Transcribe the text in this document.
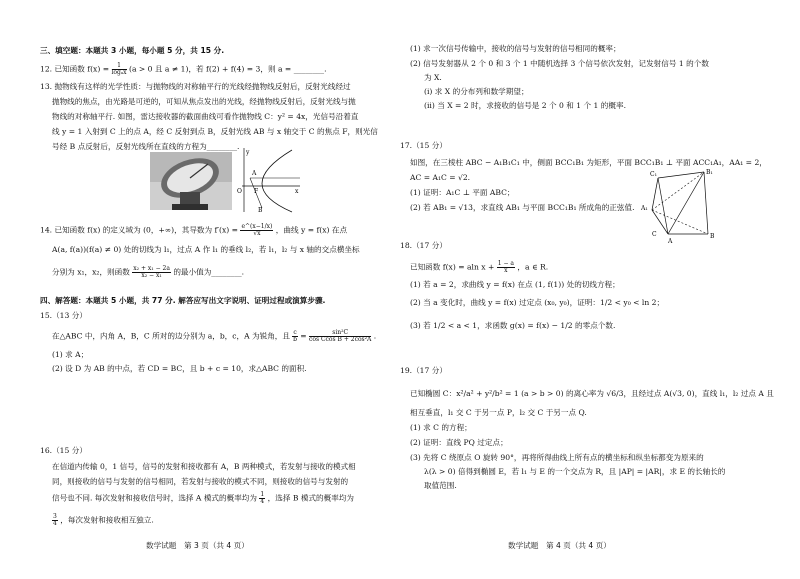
三、填空题：本题共 3 小题，每小题 5 分，共 15 分.
12. 已知函数 $f(x) = \frac{1}{\text{logₐx}} (a > 0$ 且 a ≠ 1)，若 f(2) + f(4) = 3，则 a = ________.
13. 抛物线有这样的光学性质：与抛物线的对称轴平行的光线经抛物线反射后，反射光线经过
抛物线的焦点，由光路是可逆的，可知从焦点发出的光线，经抛物线反射后，反射光线与抛
物线的对称轴平行. 如图，雷达接收器的截面曲线可看作抛物线 C：y² = 4x，光信号沿着直
线 y = 1 入射到 C 上的点 A，经 C 反射到点 B，反射光线 AB 与 x 轴交于 C 的焦点 F，则光信
号经 B 点反射后，反射光线所在直线的方程为________.
y
A
B
O F	x
14. 已知函数 f(x) 的定义域为 (0，+∞)，其导数为 $f'(x) = \frac{e\^{}(x-1/x)}{√x}$ ，曲线 y = f(x) 在点
A(a, f(a))(f(a) ≠ 0) 处的切线为 l₁，过点 A 作 l₁ 的垂线 l₂，若 l₁，l₂ 与 x 轴的交点横坐标
分别为 x₁，x₂，则函数 $\frac{\text{x₂ + x₁ − 2a}}{\text{x₂ − x₁}}$ 的最小值为________.
四、解答题：本题共 5 小题，共 77 分. 解答应写出文字说明、证明过程或演算步骤.
15.（13 分）
在△ABC 中，内角 A，B，C 所对的边分别为 a，b，c，A 为锐角，且 $\frac{c}{b} = \frac{\text{sin²C}}{\text{cos Ccos B + 2cos²A}}$ .
(1) 求 A；
(2) 设 D 为 AB 的中点，若 CD = BC，且 b + c = 10，求△ABC 的面积.
16.（15 分）
在信道内传输 0，1 信号，信号的发射和接收都有 A，B 两种模式，若发射与接收的模式相
同，则接收的信号与发射的信号相同，若发射与接收的模式不同，则接收的信号与发射的
信号也不同. 每次发射和接收信号时，选择 A 模式的概率均为 $\frac{1}{4}$ ，选择 B 模式的概率均为
$\frac{3}{4}$ ，每次发射和接收相互独立.
数学试题　第 3 页（共 4 页）
(1) 求一次信号传输中，接收的信号与发射的信号相同的概率；
(2) 信号发射器从 2 个 0 和 3 个 1 中随机选择 3 个信号依次发射，记发射信号 1 的个数
为 X.
(ⅰ) 求 X 的分布列和数学期望；
(ⅱ) 当 X = 2 时，求接收的信号是 2 个 0 和 1 个 1 的概率.
17.（15 分）
如图，在三棱柱 ABC − A₁B₁C₁ 中，侧面 BCC₁B₁ 为矩形，平面 BCC₁B₁ ⊥ 平面 ACC₁A₁，AA₁ = 2，
AC = A₁C = √2.
(1) 证明：A₁C ⊥ 平面 ABC；
(2) 若 AB₁ = √13，求直线 AB₁ 与平面 BCC₁B₁ 所成角的正弦值.
C₁	B₁
A₁
C
A
B
18.（17 分）
已知函数 f(x) = aln $x + \frac{1 - a}{x}$ ，a ∈ R.
(1) 若 a = 2，求曲线 y = f(x) 在点 (1, f(1)) 处的切线方程；
(2) 当 a 变化时，曲线 y = f(x) 过定点 (x₀, y₀)，证明：1/2 < y₀ < ln 2；
(3) 若 1/2 < a < 1，求函数 g(x) = f(x) − 1/2 的零点个数.
19.（17 分）
已知椭圆 C：x²/a² + y²/b² = 1 (a > b > 0) 的离心率为 √6/3，且经过点 A(√3, 0)，直线 l₁，l₂ 过点 A 且
相互垂直，l₁ 交 C 于另一点 P，l₂ 交 C 于另一点 Q.
(1) 求 C 的方程；
(2) 证明：直线 PQ 过定点；
(3) 先将 C 绕原点 O 旋转 90°，再将所得曲线上所有点的横坐标和纵坐标都变为原来的
λ(λ > 0) 倍得到椭圆 E，若 l₁ 与 E 的一个交点为 R，且 |AP| = |AR|，求 E 的长轴长的
取值范围.
数学试题　第 4 页（共 4 页）
